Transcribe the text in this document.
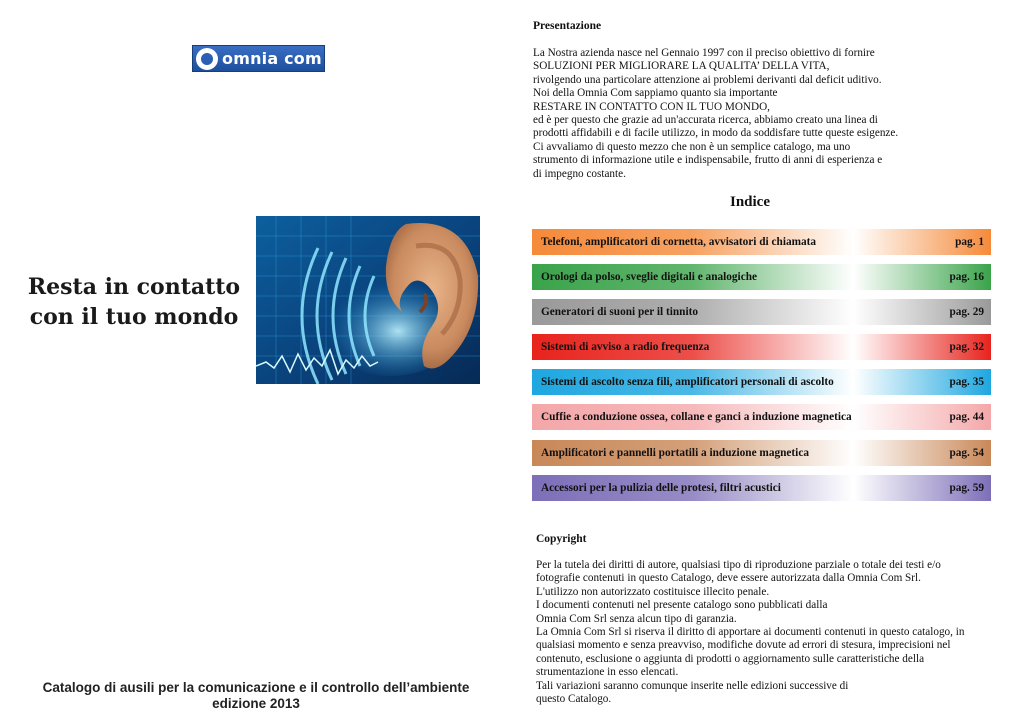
omnia com
Resta in contatto
con il tuo mondo
Catalogo di ausili per la comunicazione e il controllo dell’ambiente
edizione 2013
Presentazione
La Nostra azienda nasce nel Gennaio 1997 con il preciso obiettivo di fornire
SOLUZIONI PER MIGLIORARE LA QUALITA’ DELLA VITA,
rivolgendo una particolare attenzione ai problemi derivanti dal deficit uditivo.
Noi della Omnia Com sappiamo quanto sia importante
RESTARE IN CONTATTO CON IL TUO MONDO,
ed è per questo che grazie ad un'accurata ricerca, abbiamo creato una linea di
prodotti affidabili e di facile utilizzo, in modo da soddisfare tutte queste esigenze.
Ci avvaliamo di questo mezzo che non è un semplice catalogo, ma uno
strumento di informazione utile e indispensabile, frutto di anni di esperienza e
di impegno costante.
Indice
Telefoni, amplificatori di cornetta, avvisatori di chiamata	pag. 1
Orologi da polso, sveglie digitali e analogiche	pag. 16
Generatori di suoni per il tinnito	pag. 29
Sistemi di avviso a radio frequenza	pag. 32
Sistemi di ascolto senza fili, amplificatori personali di ascolto	pag. 35
Cuffie a conduzione ossea, collane e ganci a induzione magnetica	pag. 44
Amplificatori e pannelli portatili a induzione magnetica	pag. 54
Accessori per la pulizia delle protesi, filtri acustici	pag. 59
Copyright
Per la tutela dei diritti di autore, qualsiasi tipo di riproduzione parziale o totale dei testi e/o
fotografie contenuti in questo Catalogo, deve essere autorizzata dalla Omnia Com Srl.
L'utilizzo non autorizzato costituisce illecito penale.
I documenti contenuti nel presente catalogo sono pubblicati dalla
Omnia Com Srl senza alcun tipo di garanzia.
La Omnia Com Srl si riserva il diritto di apportare ai documenti contenuti in questo catalogo, in
qualsiasi momento e senza preavviso, modifiche dovute ad errori di stesura, imprecisioni nel
contenuto, esclusione o aggiunta di prodotti o aggiornamento sulle caratteristiche della
strumentazione in esso elencati.
Tali variazioni saranno comunque inserite nelle edizioni successive di
questo Catalogo.
